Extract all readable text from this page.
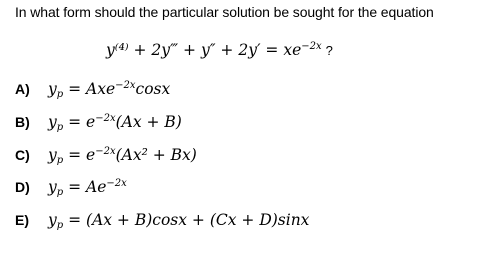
In what form should the particular solution be sought for the equation
y⁽⁴⁾ + 2y‴ + $y'' + 2y' = xe^{-2x}$ ?
A)	$y_p = Axe^{-2x}\cos x$
B)	$y_p = e^{-2x}(Ax + B)$
C)	$y_p = e^{-2x}(Ax^2 + Bx)$
D)	$y_p = Ae^{-2x}$
E)	$y_p = (Ax + B)\cos x + (Cx + D)\sin x$
